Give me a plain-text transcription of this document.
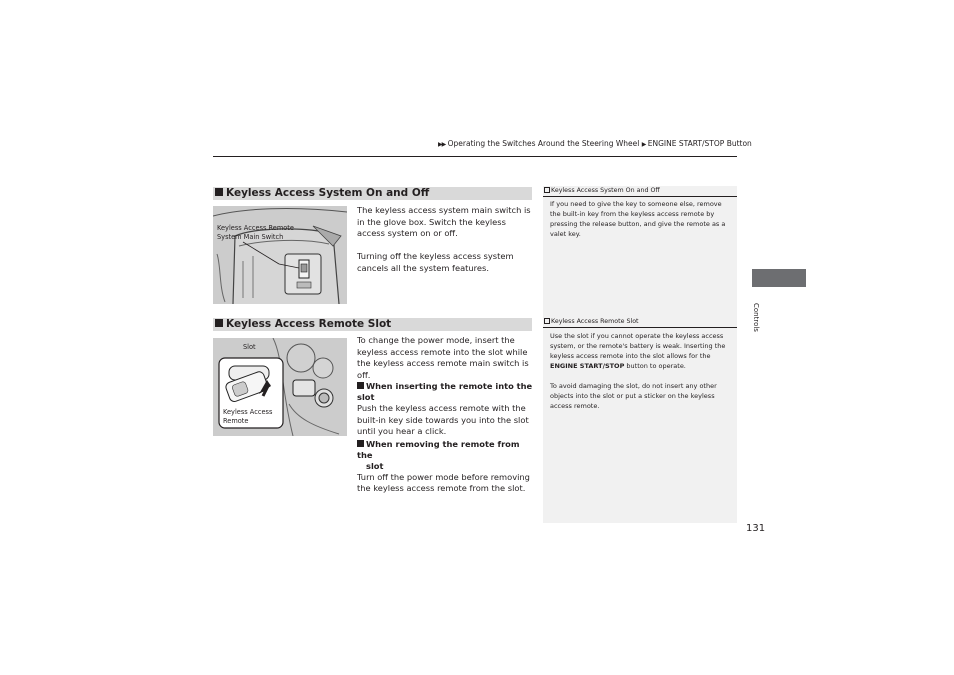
▶▶ Operating the Switches Around the Steering Wheel ▶ ENGINE START/STOP Button
Keyless Access System On and Off
Keyless Access Remote
System Main Switch

The keyless access system main switch is in the glove box. Switch the keyless access system on or off.

Turning off the keyless access system cancels all the system features.

Keyless Access Remote Slot
Slot
Keyless Access
Remote

To change the power mode, insert the keyless access remote into the slot while the keyless access remote main switch is off.

When inserting the remote into the slot

Push the keyless access remote with the built-in key side towards you into the slot until you hear a click.

When removing the remote from the
slot

Turn off the power mode before removing the keyless access remote from the slot.

Keyless Access System On and Off

If you need to give the key to someone else, remove the built-in key from the keyless access remote by pressing the release button, and give the remote as a valet key.

Keyless Access Remote Slot

Use the slot if you cannot operate the keyless access system, or the remote's battery is weak. Inserting the keyless access remote into the slot allows for the ENGINE START/STOP button to operate.

To avoid damaging the slot, do not insert any other objects into the slot or put a sticker on the keyless access remote.

Controls
131
